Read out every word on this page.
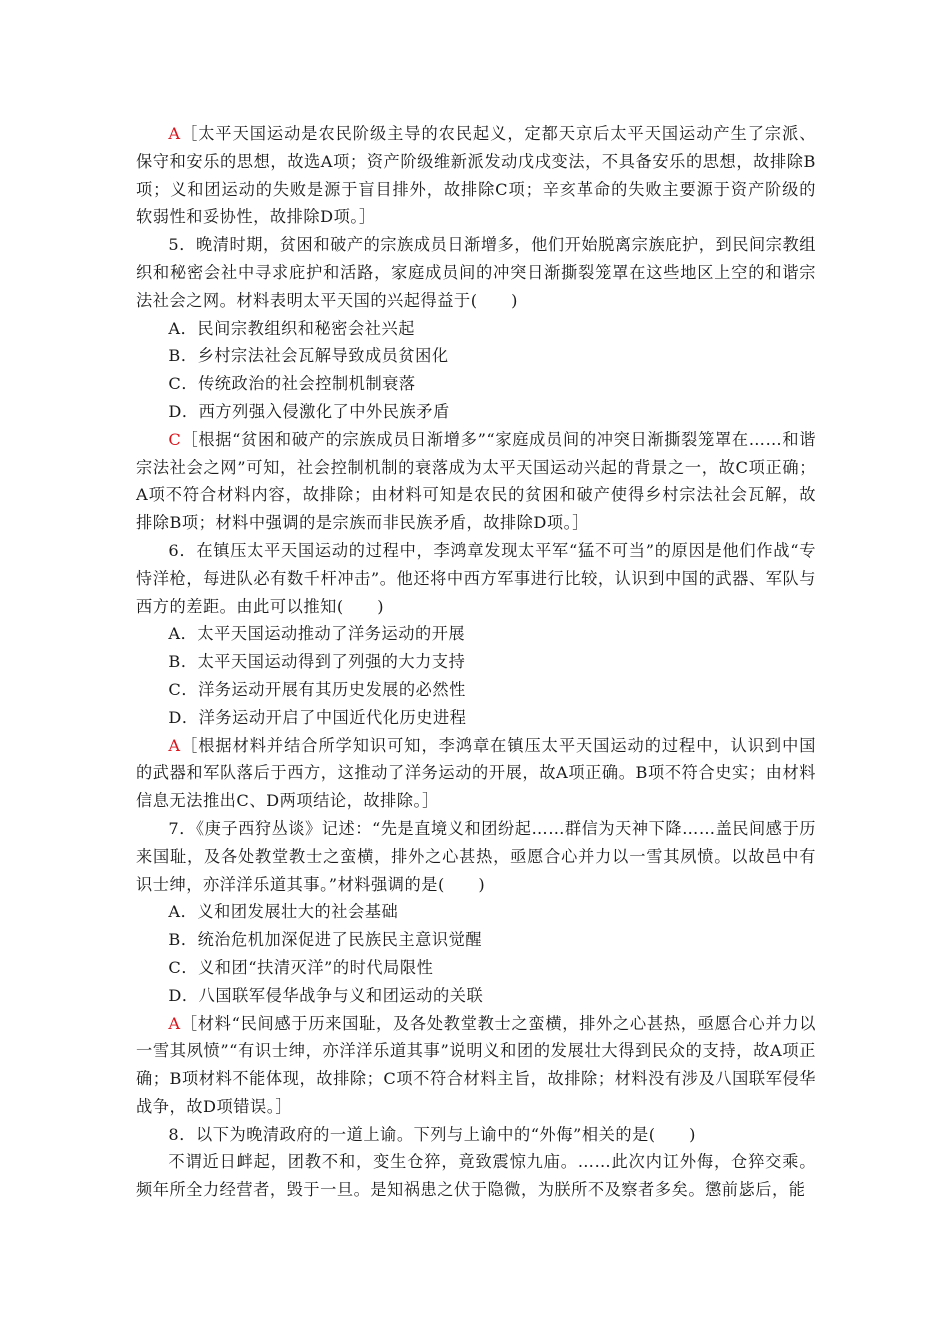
A［太平天国运动是农民阶级主导的农民起义，定都天京后太平天国运动产生了宗派、保守和安乐的思想，故选A项；资产阶级维新派发动戊戌变法，不具备安乐的思想，故排除B项；义和团运动的失败是源于盲目排外，故排除C项；辛亥革命的失败主要源于资产阶级的软弱性和妥协性，故排除D项。］

5．晚清时期，贫困和破产的宗族成员日渐增多，他们开始脱离宗族庇护，到民间宗教组织和秘密会社中寻求庇护和活路，家庭成员间的冲突日渐撕裂笼罩在这些地区上空的和谐宗法社会之网。材料表明太平天国的兴起得益于(　　)

A．民间宗教组织和秘密会社兴起

B．乡村宗法社会瓦解导致成员贫困化

C．传统政治的社会控制机制衰落

D．西方列强入侵激化了中外民族矛盾

C［根据“贫困和破产的宗族成员日渐增多”“家庭成员间的冲突日渐撕裂笼罩在……和谐宗法社会之网”可知，社会控制机制的衰落成为太平天国运动兴起的背景之一，故C项正确；A项不符合材料内容，故排除；由材料可知是农民的贫困和破产使得乡村宗法社会瓦解，故排除B项；材料中强调的是宗族而非民族矛盾，故排除D项。］

6．在镇压太平天国运动的过程中，李鸿章发现太平军“猛不可当”的原因是他们作战“专恃洋枪，每进队必有数千杆冲击”。他还将中西方军事进行比较，认识到中国的武器、军队与西方的差距。由此可以推知(　　)

A．太平天国运动推动了洋务运动的开展

B．太平天国运动得到了列强的大力支持

C．洋务运动开展有其历史发展的必然性

D．洋务运动开启了中国近代化历史进程

A［根据材料并结合所学知识可知，李鸿章在镇压太平天国运动的过程中，认识到中国的武器和军队落后于西方，这推动了洋务运动的开展，故A项正确。B项不符合史实；由材料信息无法推出C、D两项结论，故排除。］

7．《庚子西狩丛谈》记述：“先是直境义和团纷起……群信为天神下降……盖民间感于历来国耻，及各处教堂教士之蛮横，排外之心甚热，亟愿合心并力以一雪其夙愤。以故邑中有识士绅，亦洋洋乐道其事。”材料强调的是(　　)

A．义和团发展壮大的社会基础

B．统治危机加深促进了民族民主意识觉醒

C．义和团“扶清灭洋”的时代局限性

D．八国联军侵华战争与义和团运动的关联

A［材料“民间感于历来国耻，及各处教堂教士之蛮横，排外之心甚热，亟愿合心并力以一雪其夙愤”“有识士绅，亦洋洋乐道其事”说明义和团的发展壮大得到民众的支持，故A项正确；B项材料不能体现，故排除；C项不符合材料主旨，故排除；材料没有涉及八国联军侵华战争，故D项错误。］

8．以下为晚清政府的一道上谕。下列与上谕中的“外侮”相关的是(　　)

不谓近日衅起，团教不和，变生仓猝，竟致震惊九庙。……此次内讧外侮，仓猝交乘。频年所全力经营者，毁于一旦。是知祸患之伏于隐微，为朕所不及察者多矣。懲前毖后，能
